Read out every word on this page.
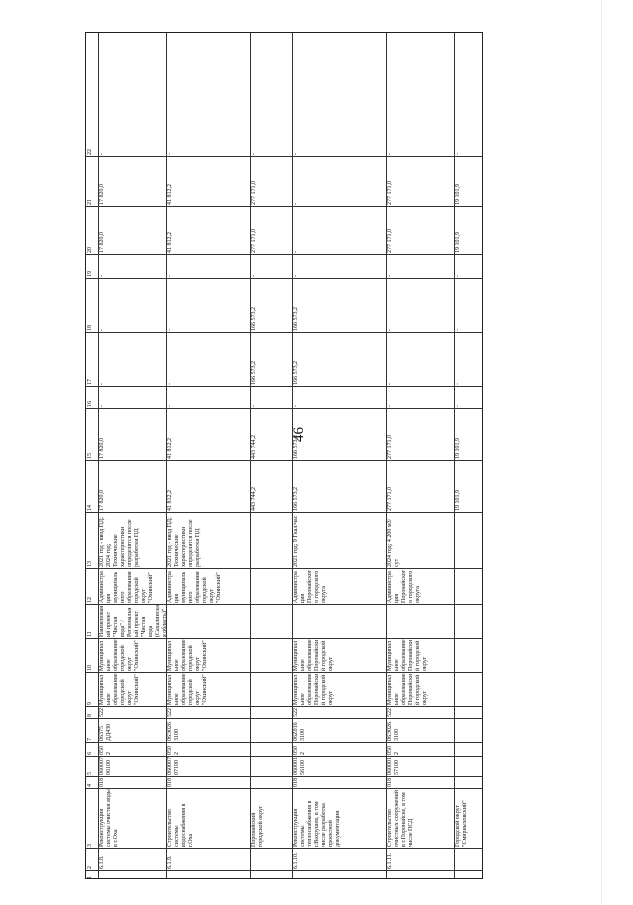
46
1
2
3
4
5
6
7
8
9
10
11
12
13
14
15
16
17
18
19
20
21
22
6.1.8.
Реконструкция системы очистки воды в г.Оха
018
060007 06100
050 2
06375 ДД430
522
Муниципальное образование городской округ "Охинский"
Муниципальное образование городской округ "Охинский"
Наименований прoект "Чистая вода" / Региональный проект "Чистая вода (Сахалинская область)"
Администрация муниципального образования городской округ "Охинский"
2021 год - ввод ПД; 2024 год; Технические характеристики определятся после разработки ПД
17 820,0
17 820,0
-
-
-
-
17 820,0
17 820,0
-
6.1.9.
Строительство системы водоснабжения в г.Оха
018
060007 07100
050 2
06Э026 3100
522
Муниципальное образование городской округ "Охинский"
Муниципальное образование городской округ "Охинский"
Администрация муниципального образования городской округ "Охинский"
2021 год - ввод ПД; Технические характеристики определятся после разработки ПД
41 812,2
41 812,2
-
-
-
-
41 812,2
41 812,2
-
Поронайский городской округ
443 744,2
443 744,2
-
166 573,2
166 573,2
-
277 171,0
277 171,0
-
6.1.10.
Реконструкция системы теплоснабжения в г.Вахрушев, в том числе разработка проектной документации
018
060001 56100
050 2
06Z016 3100
522
Муниципальное образование Поронайский городской округ
Муниципальное образование Поронайский городской округ
Администрация Поронайского городского округа
2021 год; 9 Гкал/час
166 573,2
166 573,2
-
166 573,2
166 573,2
-
-
-
-
6.1.11.
Строительство очистных сооружений в г.Поронайске, в том числе ПСД
018
060001 57100
050 2
06Э026 3100
522
Муниципальное образование Поронайский городской округ
Муниципальное образование Поронайский городской округ
Администрация Поронайского городского округа
2024 год; 4 200 м3/сут
277 171,0
277 171,0
-
-
-
-
277 171,0
277 171,0
-
Городской округ "Смирныховский"
19 101,9
19 101,9
-
-
-
-
19 101,9
19 101,9
-
